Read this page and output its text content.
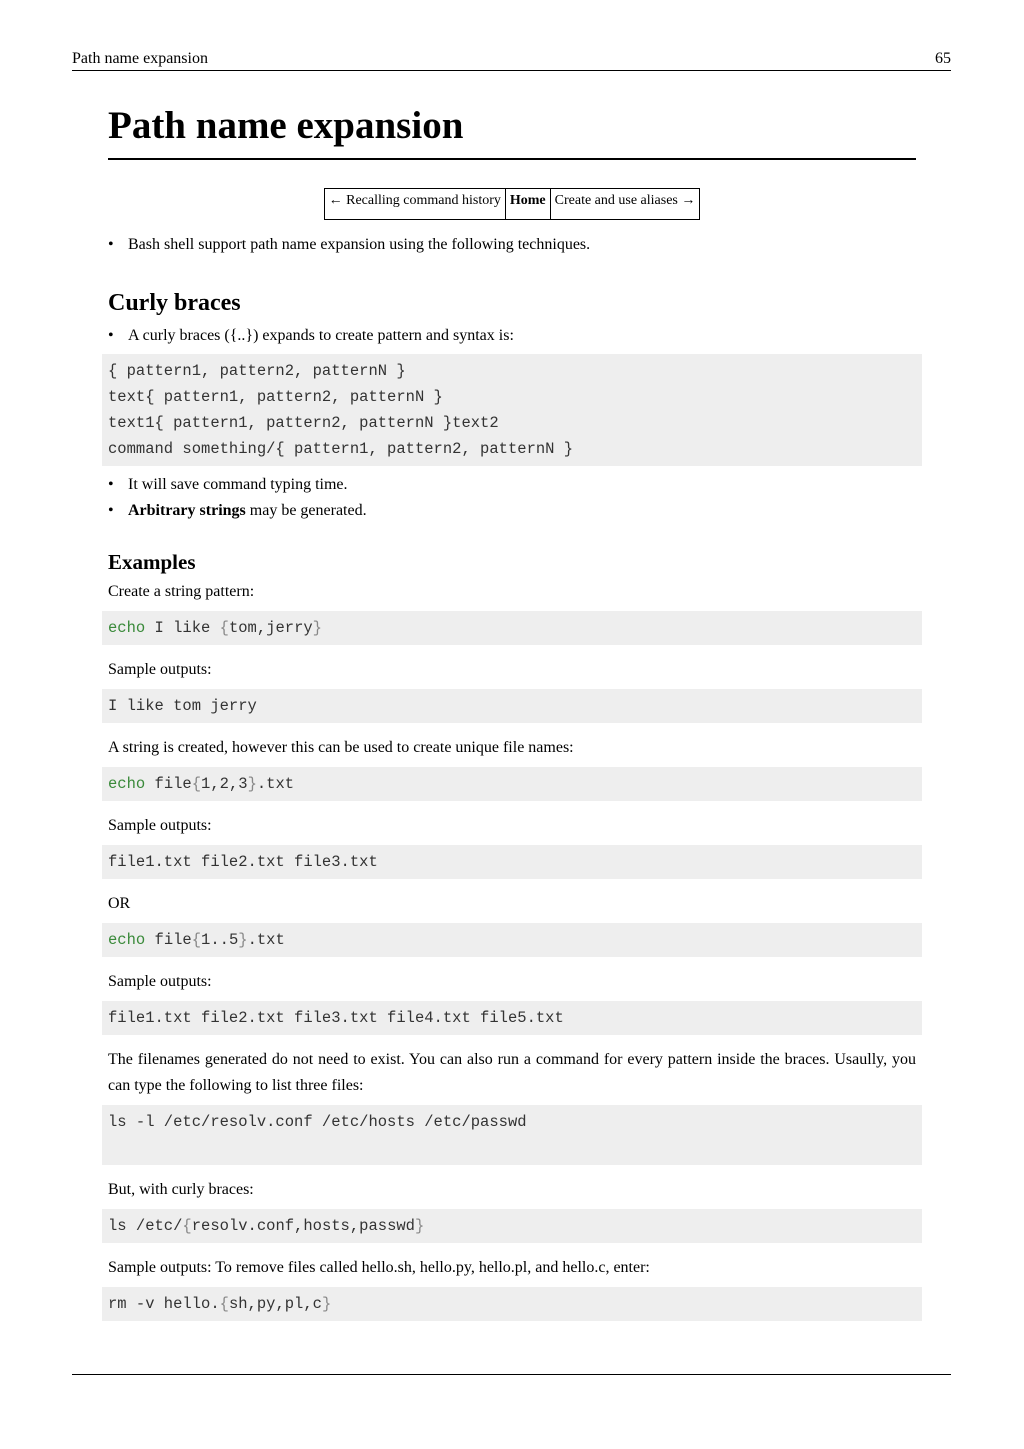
Path name expansion	65
Path name expansion
← Recalling command history	Home	Create and use aliases →
• Bash shell support path name expansion using the following techniques.
Curly braces
• A curly braces ({..}) expands to create pattern and syntax is:
{ pattern1, pattern2, patternN }
text{ pattern1, pattern2, patternN }
text1{ pattern1, pattern2, patternN }text2
command something/{ pattern1, pattern2, patternN }
• It will save command typing time.
• Arbitrary strings may be generated.
Examples

Create a string pattern:

echo I like {tom,jerry}

Sample outputs:

I like tom jerry

A string is created, however this can be used to create unique file names:

echo file{1,2,3}.txt

Sample outputs:

file1.txt file2.txt file3.txt

OR

echo file{1..5}.txt

Sample outputs:

file1.txt file2.txt file3.txt file4.txt file5.txt

The filenames generated do not need to exist. You can also run a command for every pattern inside the braces. Usaully, you can type the following to list three files:

ls -l /etc/resolv.conf /etc/hosts /etc/passwd

But, with curly braces:

ls /etc/{resolv.conf,hosts,passwd}

Sample outputs: To remove files called hello.sh, hello.py, hello.pl, and hello.c, enter:

rm -v hello.{sh,py,pl,c}
